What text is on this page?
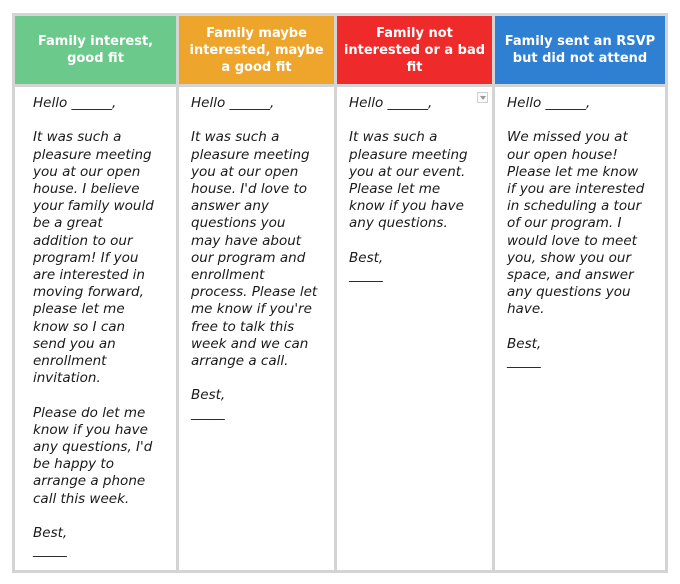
Family interest, good fit
Hello ______,

It was such a
pleasure meeting
you at our open
house. I believe
your family would
be a great
addition to our
program! If you
are interested in
moving forward,
please let me
know so I can
send you an
enrollment
invitation.

Please do let me
know if you have
any questions, I'd
be happy to
arrange a phone
call this week.

Best,
_____
Family maybe interested, maybe a good fit
Hello ______,

It was such a
pleasure meeting
you at our open
house. I'd love to
answer any
questions you
may have about
our program and
enrollment
process. Please let
me know if you're
free to talk this
week and we can
arrange a call.

Best,
_____
Family not interested or a bad fit
Hello ______,

It was such a
pleasure meeting
you at our event.
Please let me
know if you have
any questions.

Best,
_____
Family sent an RSVP but did not attend
Hello ______,

We missed you at
our open house!
Please let me know
if you are interested
in scheduling a tour
of our program. I
would love to meet
you, show you our
space, and answer
any questions you
have.

Best,
_____
